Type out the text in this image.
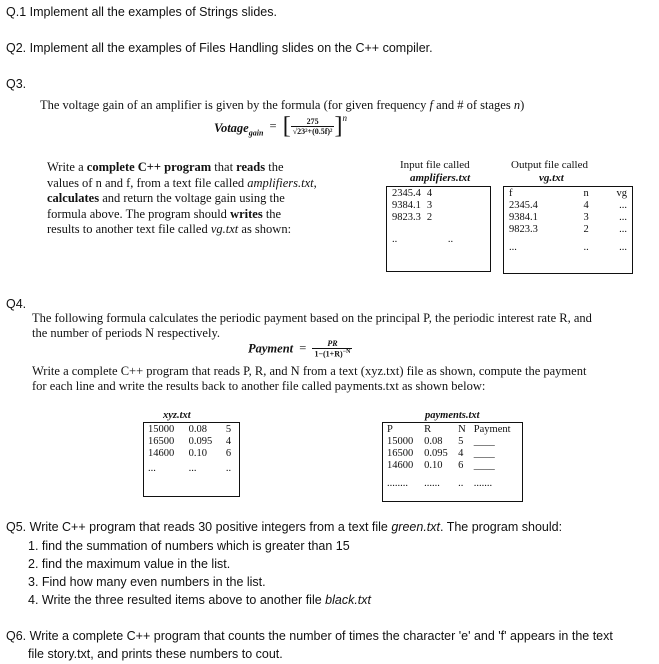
Q.1 Implement all the examples of Strings slides.
Q2. Implement all the examples of Files Handling slides on the C++ compiler.
Q3.
The voltage gain of an amplifier is given by the formula (for given frequency f and # of stages n)
Votage$_{gain}$ = [ $\frac{275}{\text{√23²+(0.5f)²}} ]^n$
Write a complete C++ program that reads the
values of n and f, from a text file called amplifiers.txt,
calculates and return the voltage gain using the
formula above. The program should writes the
results to another text file called vg.txt as shown:
Input file called
amplifiers.txt
2345.4	4
9384.1	3
9823.3	2
..	..
Output file called
vg.txt
f	n	vg
2345.4	4	...
9384.1	3	...
9823.3	2	...
...	..	...
Q4.
The following formula calculates the periodic payment based on the principal P, the periodic interest rate R, and
the number of periods N respectively.
Payment = $\frac{PR}{1-(1+R)^{-N}}$
Write a complete C++ program that reads P, R, and N from a text (xyz.txt) file as shown, compute the payment
for each line and write the results back to another file called payments.txt as shown below:
xyz.txt
15000	0.08	5
16500	0.095	4
14600	0.10	6
...	...	..
payments.txt
P	R	N	Payment
15000	0.08	5	____
16500	0.095	4	____
14600	0.10	6	____
........	......	..	.......
Q5. Write C++ program that reads 30 positive integers from a text file green.txt. The program should:
1. find the summation of numbers which is greater than 15
2. find the maximum value in the list.
3. Find how many even numbers in the list.
4. Write the three resulted items above to another file black.txt
Q6. Write a complete C++ program that counts the number of times the character 'e' and 'f' appears in the text
file story.txt, and prints these numbers to cout.
